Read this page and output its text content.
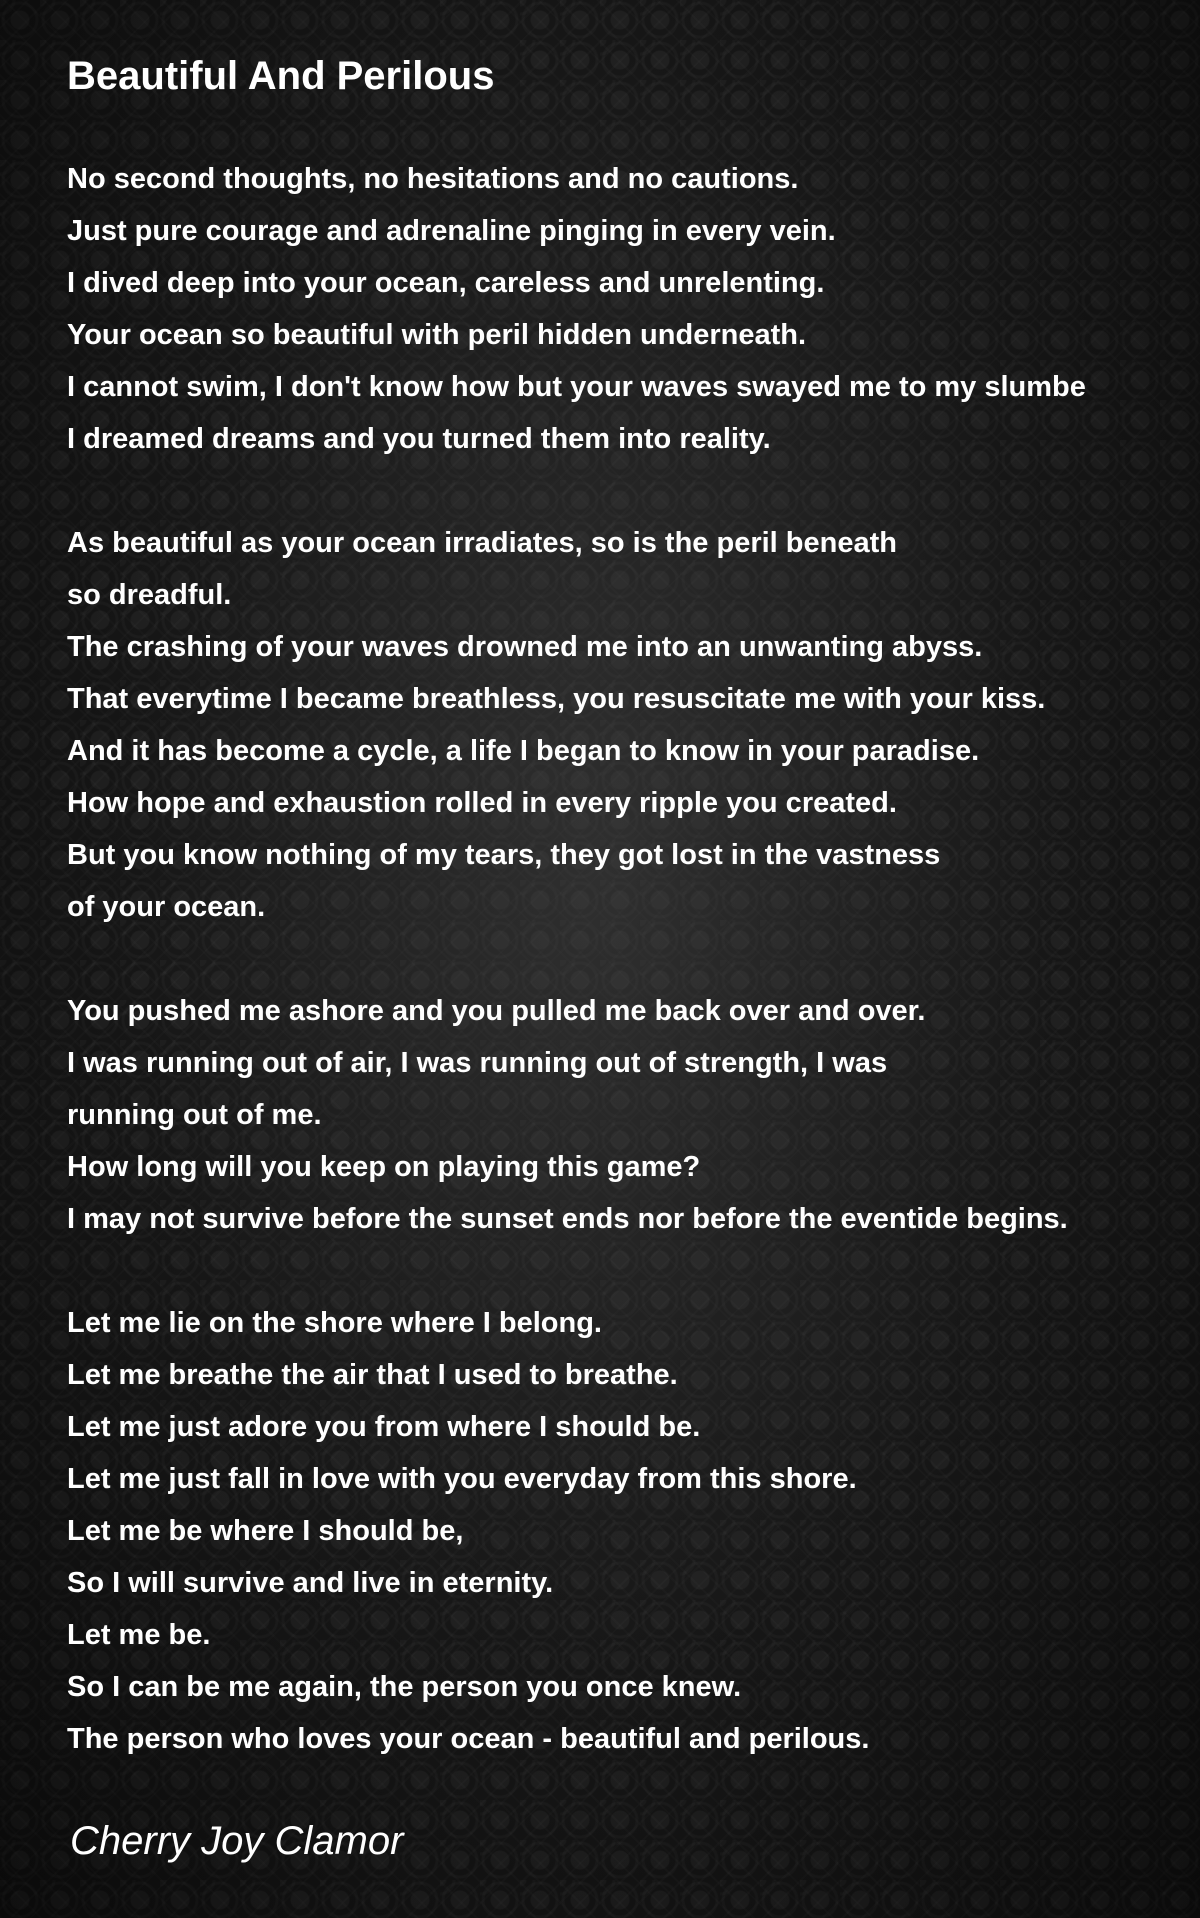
Beautiful And Perilous
No second thoughts, no hesitations and no cautions.
Just pure courage and adrenaline pinging in every vein.
I dived deep into your ocean, careless and unrelenting.
Your ocean so beautiful with peril hidden underneath.
I cannot swim, I don't know how but your waves swayed me to my slumbe
I dreamed dreams and you turned them into reality.
As beautiful as your ocean irradiates, so is the peril beneath
so dreadful.
The crashing of your waves drowned me into an unwanting abyss.
That everytime I became breathless, you resuscitate me with your kiss.
And it has become a cycle, a life I began to know in your paradise.
How hope and exhaustion rolled in every ripple you created.
But you know nothing of my tears, they got lost in the vastness
of your ocean.
You pushed me ashore and you pulled me back over and over.
I was running out of air, I was running out of strength, I was
running out of me.
How long will you keep on playing this game?
I may not survive before the sunset ends nor before the eventide begins.
Let me lie on the shore where I belong.
Let me breathe the air that I used to breathe.
Let me just adore you from where I should be.
Let me just fall in love with you everyday from this shore.
Let me be where I should be,
So I will survive and live in eternity.
Let me be.
So I can be me again, the person you once knew.
The person who loves your ocean - beautiful and perilous.
Cherry Joy Clamor
